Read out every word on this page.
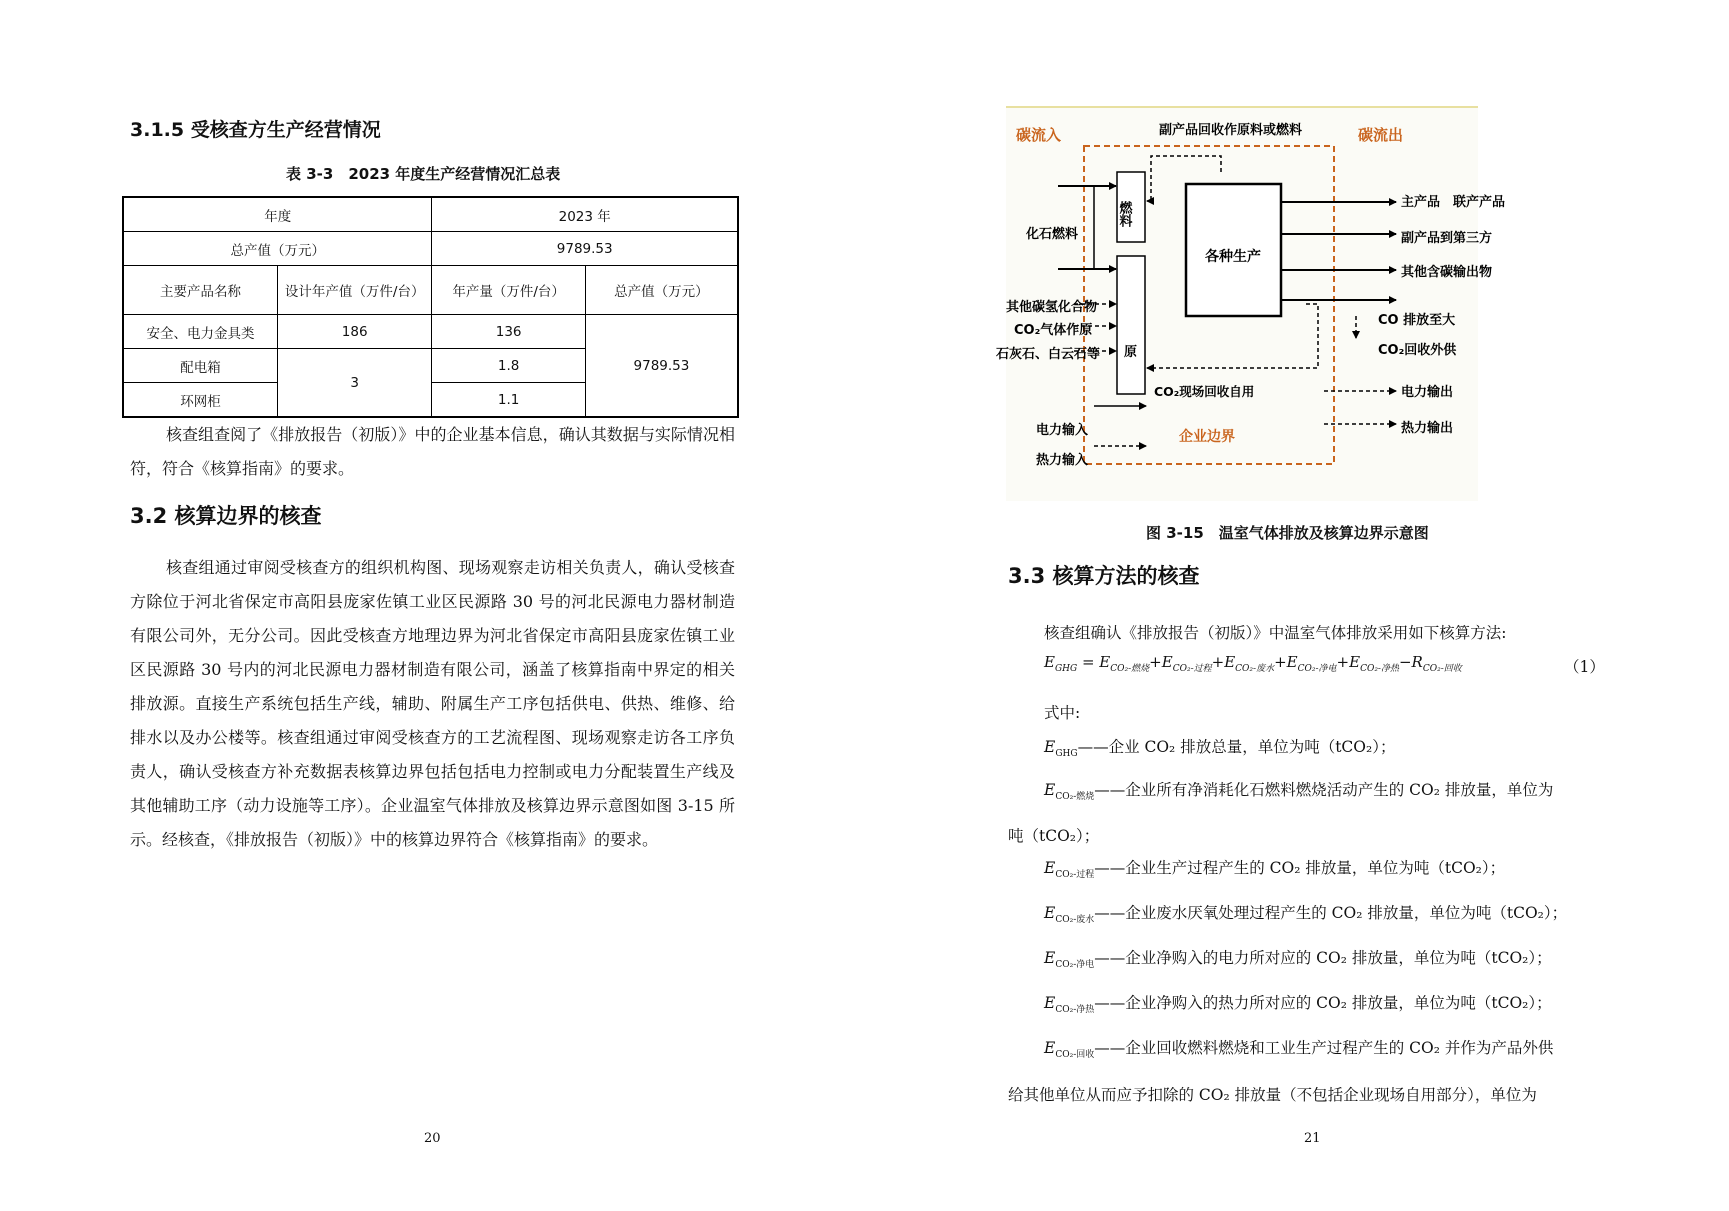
3.1.5 受核查方生产经营情况
表 3-3　2023 年度生产经营情况汇总表
年度		2023 年	
总产值（万元）		9789.53	
主要产品名称	设计年产值（万件/台）	年产量（万件/台）	总产值（万元）
安全、电力金具类	186	136	9789.53
配电箱	3	1.8	
环网柜		1.1	

核查组查阅了《排放报告（初版）》中的企业基本信息，确认其数据与实际情况相符，符合《核算指南》的要求。

3.2 核算边界的核查

核查组通过审阅受核查方的组织机构图、现场观察走访相关负责人，确认受核查方除位于河北省保定市高阳县庞家佐镇工业区民源路 30 号的河北民源电力器材制造有限公司外，无分公司。因此受核查方地理边界为河北省保定市高阳县庞家佐镇工业区民源路 30 号内的河北民源电力器材制造有限公司，涵盖了核算指南中界定的相关排放源。直接生产系统包括生产线，辅助、附属生产工序包括供电、供热、维修、给排水以及办公楼等。核查组通过审阅受核查方的工艺流程图、现场观察走访各工序负责人，确认受核查方补充数据表核算边界包括包括电力控制或电力分配装置生产线及其他辅助工序（动力设施等工序）。企业温室气体排放及核算边界示意图如图 3-15 所示。经核查，《排放报告（初版）》中的核算边界符合《核算指南》的要求。

20
碳流入	碳流出
副产品回收作原料或燃料
燃料
原
各种生产
化石燃料
其他碳氢化合物
CO₂气体作原
石灰石、白云石等
电力输入
热力输入
CO₂现场回收自用
企业边界
主产品　联产产品
副产品到第三方
其他含碳输出物
CO 排放至大
CO₂回收外供
电力输出
热力输出
图 3-15　温室气体排放及核算边界示意图
3.3 核算方法的核查
核查组确认《排放报告（初版）》中温室气体排放采用如下核算方法:
$E_{GHG} = E_{CO_2-燃烧}+E_{CO_2-过程}+E_{CO_2-废水}+E_{CO_2-净电}+E_{CO_2-净热}-R_{CO_2-回收}$	（1）
式中:
$E_{GHG}——$企业 CO₂ 排放总量，单位为吨（tCO₂）；
$E_{CO_2-燃烧}——$企业所有净消耗化石燃料燃烧活动产生的 CO₂ 排放量，单位为
吨（tCO₂）；
$E_{CO_2-过程}——$企业生产过程产生的 CO₂ 排放量，单位为吨（tCO₂）；
$E_{CO_2-废水}——$企业废水厌氧处理过程产生的 CO₂ 排放量，单位为吨（tCO₂）；
$E_{CO_2-净电}——$企业净购入的电力所对应的 CO₂ 排放量，单位为吨（tCO₂）；
$E_{CO_2-净热}——$企业净购入的热力所对应的 CO₂ 排放量，单位为吨（tCO₂）；
$E_{CO_2-回收}——$企业回收燃料燃烧和工业生产过程产生的 CO₂ 并作为产品外供
给其他单位从而应予扣除的 CO₂ 排放量（不包括企业现场自用部分），单位为
21
